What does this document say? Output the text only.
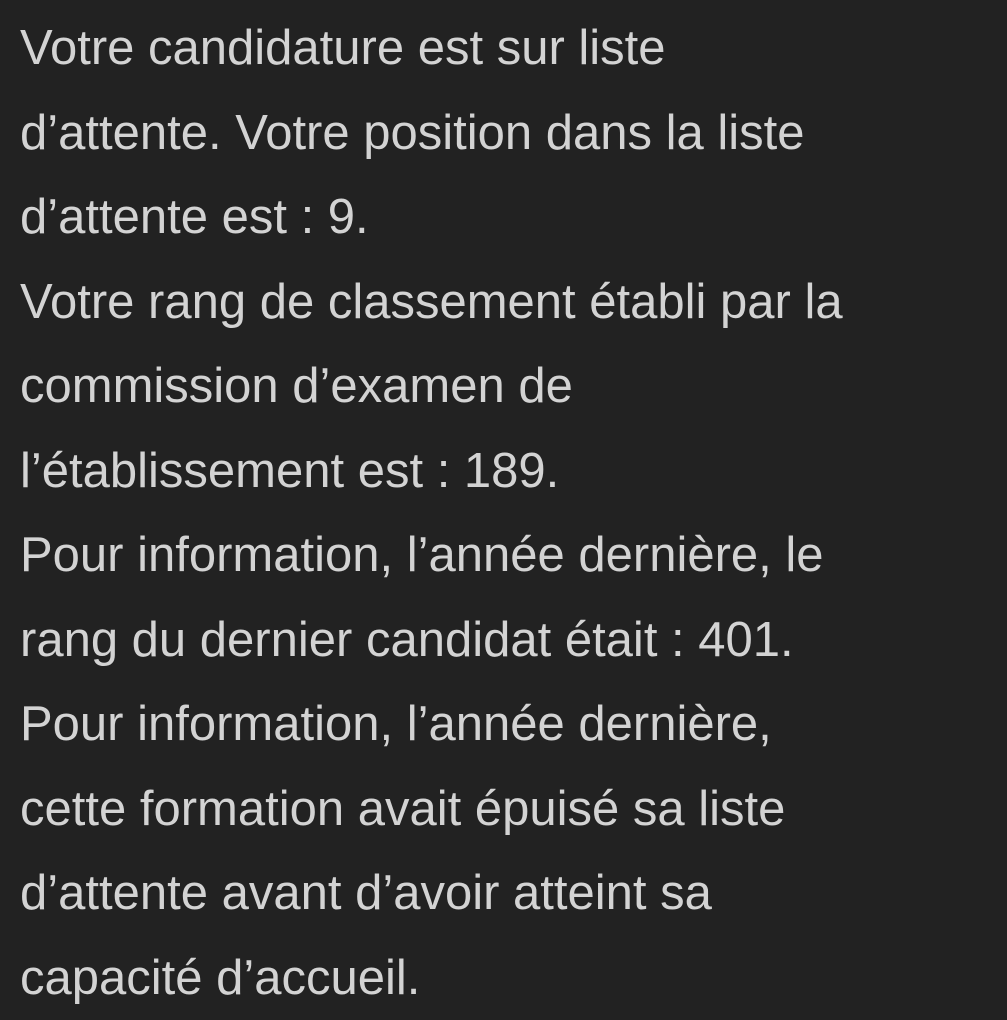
Votre candidature est sur liste
d’attente. Votre position dans la liste
d’attente est : 9.
Votre rang de classement établi par la
commission d’examen de
l’établissement est : 189.
Pour information, l’année dernière, le
rang du dernier candidat était : 401.
Pour information, l’année dernière,
cette formation avait épuisé sa liste
d’attente avant d’avoir atteint sa
capacité d’accueil.
